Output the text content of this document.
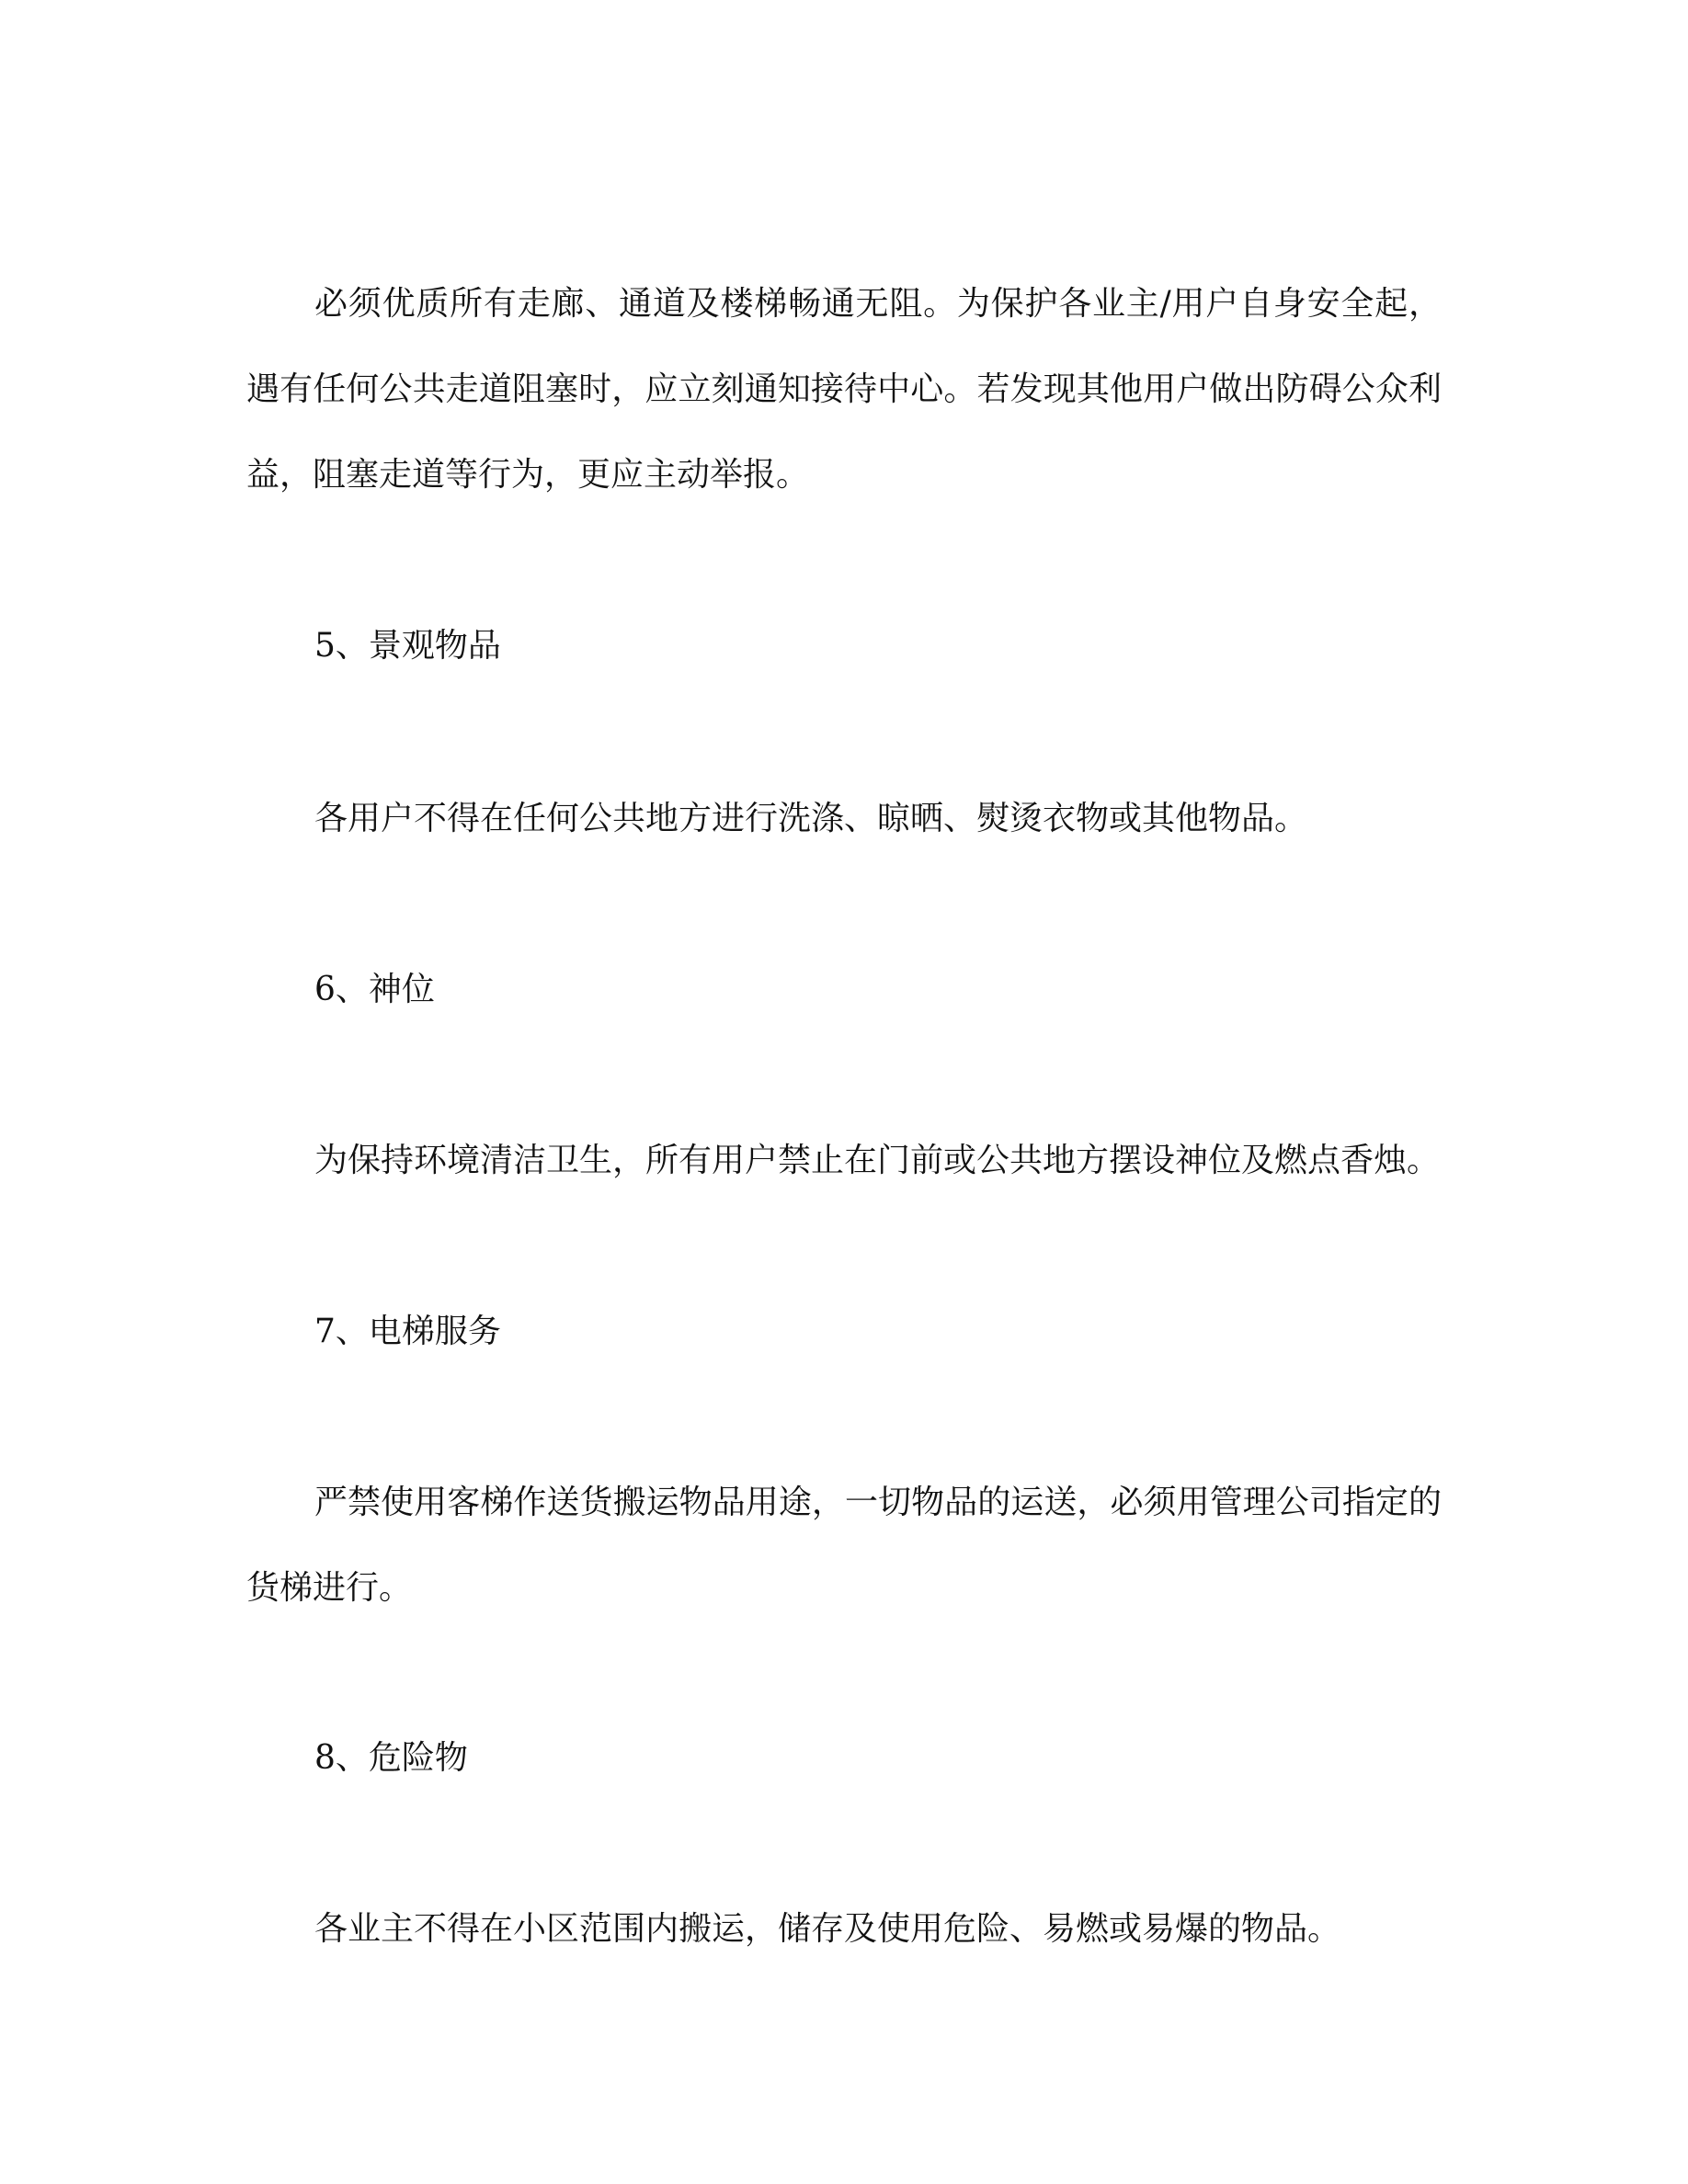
必须优质所有走廊、通道及楼梯畅通无阻。为保护各业主/用户自身安全起，遇有任何公共走道阻塞时，应立刻通知接待中心。若发现其他用户做出防碍公众利益，阻塞走道等行为，更应主动举报。

5、景观物品

各用户不得在任何公共地方进行洗涤、晾晒、熨烫衣物或其他物品。

6、神位

为保持环境清洁卫生，所有用户禁止在门前或公共地方摆设神位及燃点香烛。

7、电梯服务

严禁使用客梯作送货搬运物品用途，一切物品的运送，必须用管理公司指定的货梯进行。

8、危险物

各业主不得在小区范围内搬运，储存及使用危险、易燃或易爆的物品。
